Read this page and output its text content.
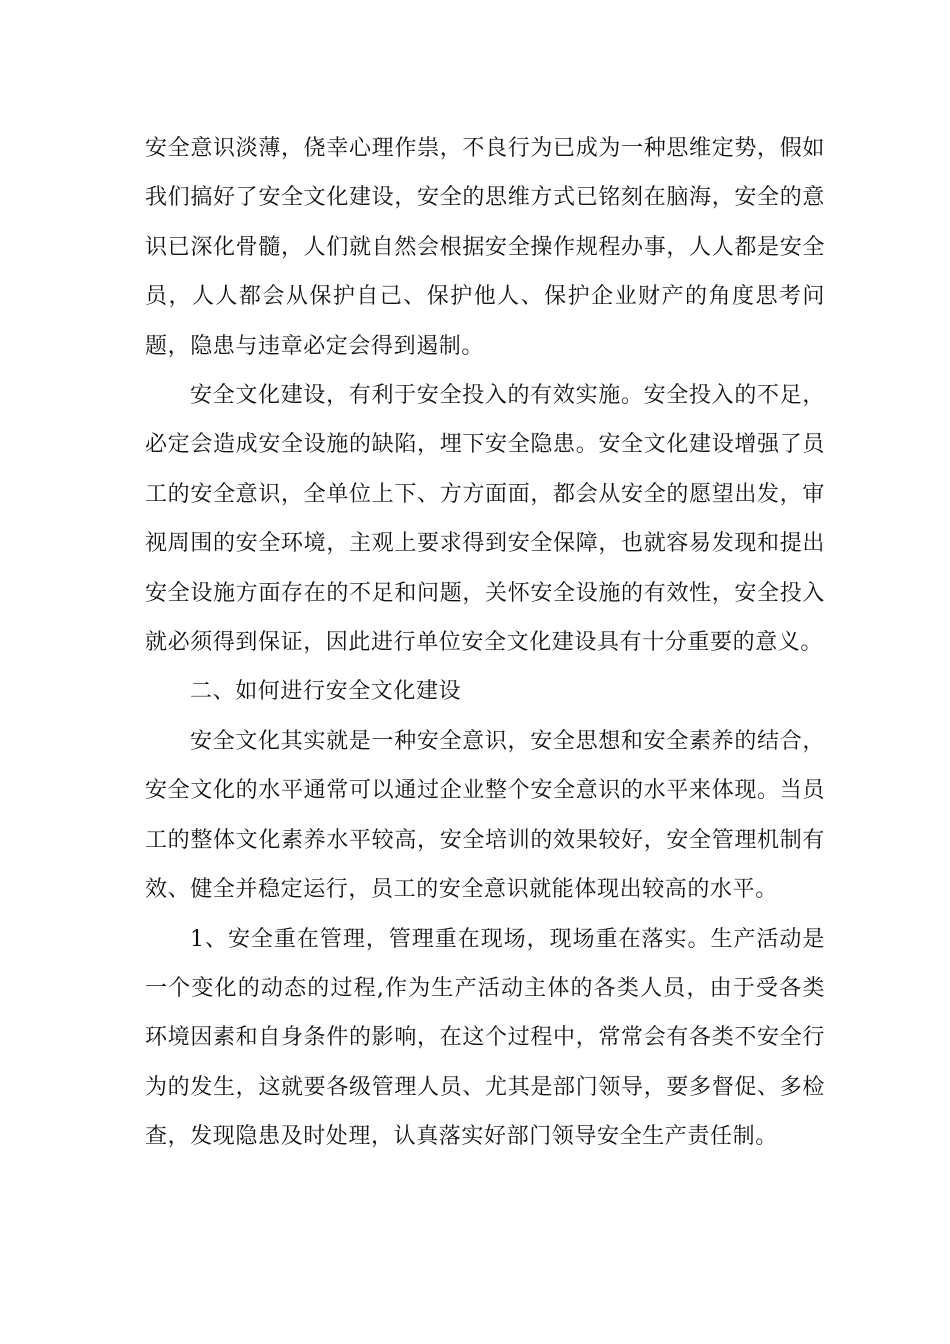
安全意识淡薄，侥幸心理作祟，不良行为已成为一种思维定势，假如我们搞好了安全文化建设，安全的思维方式已铭刻在脑海，安全的意识已深化骨髓，人们就自然会根据安全操作规程办事，人人都是安全员，人人都会从保护自己、保护他人、保护企业财产的角度思考问题，隐患与违章必定会得到遏制。

安全文化建设，有利于安全投入的有效实施。安全投入的不足，必定会造成安全设施的缺陷，埋下安全隐患。安全文化建设增强了员工的安全意识，全单位上下、方方面面，都会从安全的愿望出发，审视周围的安全环境，主观上要求得到安全保障，也就容易发现和提出安全设施方面存在的不足和问题，关怀安全设施的有效性，安全投入就必须得到保证，因此进行单位安全文化建设具有十分重要的意义。

二、如何进行安全文化建设

安全文化其实就是一种安全意识，安全思想和安全素养的结合，安全文化的水平通常可以通过企业整个安全意识的水平来体现。当员工的整体文化素养水平较高，安全培训的效果较好，安全管理机制有效、健全并稳定运行，员工的安全意识就能体现出较高的水平。

1、安全重在管理，管理重在现场，现场重在落实。生产活动是一个变化的动态的过程,作为生产活动主体的各类人员，由于受各类环境因素和自身条件的影响，在这个过程中，常常会有各类不安全行为的发生，这就要各级管理人员、尤其是部门领导，要多督促、多检查，发现隐患及时处理，认真落实好部门领导安全生产责任制。
